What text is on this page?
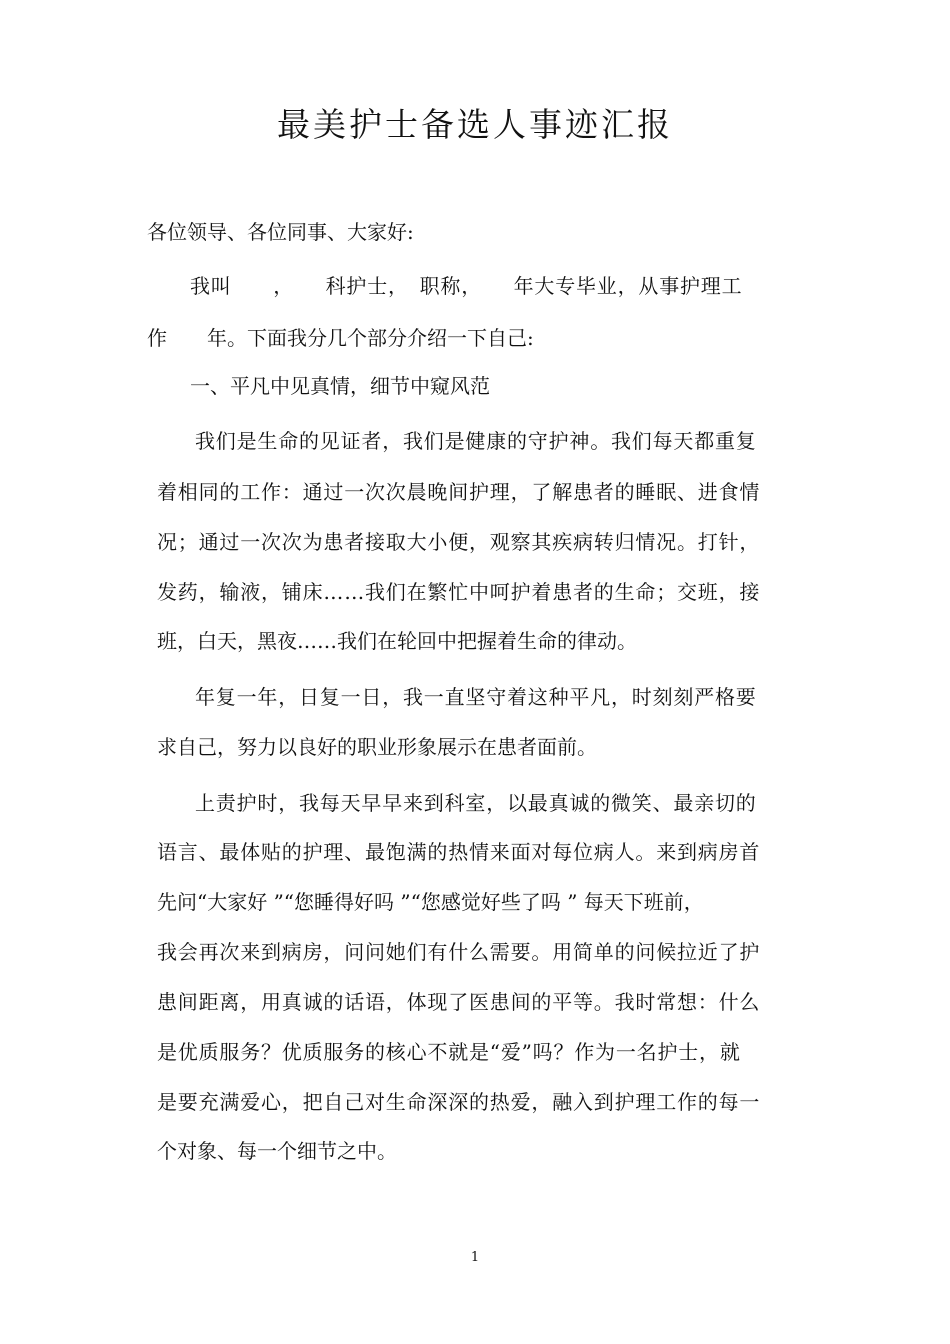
最美护士备选人事迹汇报

各位领导、各位同事、大家好:

我叫　　，　　科护士，　职称，　　年大专毕业，从事护理工

作　　年。下面我分几个部分介绍一下自己:

一、平凡中见真情，细节中窥风范

我们是生命的见证者，我们是健康的守护神。我们每天都重复

着相同的工作：通过一次次晨晚间护理，了解患者的睡眠、进食情

况；通过一次次为患者接取大小便，观察其疾病转归情况。打针，

发药，输液，铺床……我们在繁忙中呵护着患者的生命；交班，接

班，白天，黑夜……我们在轮回中把握着生命的律动。

年复一年，日复一日，我一直坚守着这种平凡，时刻刻严格要

求自己，努力以良好的职业形象展示在患者面前。

上责护时，我每天早早来到科室，以最真诚的微笑、最亲切的

语言、最体贴的护理、最饱满的热情来面对每位病人。来到病房首

先问“大家好 ”“您睡得好吗 ”“您感觉好些了吗 ” 每天下班前，

我会再次来到病房，问问她们有什么需要。用简单的问候拉近了护

患间距离，用真诚的话语，体现了医患间的平等。我时常想：什么

是优质服务？优质服务的核心不就是“爱”吗？作为一名护士，就

是要充满爱心，把自己对生命深深的热爱，融入到护理工作的每一

个对象、每一个细节之中。

1
